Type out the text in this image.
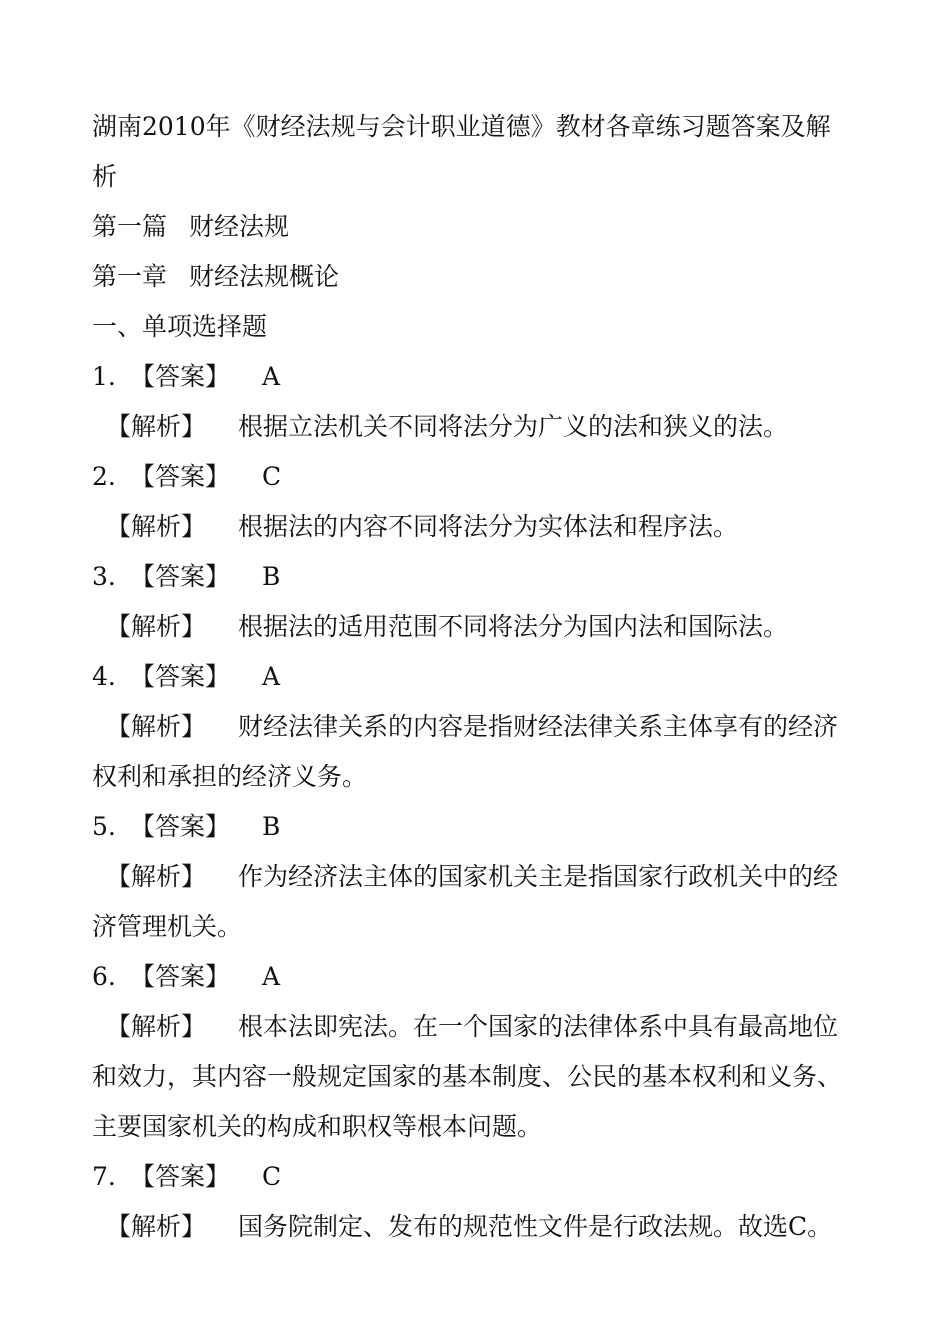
湖南2010年《财经法规与会计职业道德》教材各章练习题答案及解

析

第一篇 财经法规

第一章 财经法规概论

一、单项选择题

1. 【答案】 A

【解析】 根据立法机关不同将法分为广义的法和狭义的法。

2. 【答案】 C

【解析】 根据法的内容不同将法分为实体法和程序法。

3. 【答案】 B

【解析】 根据法的适用范围不同将法分为国内法和国际法。

4. 【答案】 A

【解析】 财经法律关系的内容是指财经法律关系主体享有的经济

权利和承担的经济义务。

5. 【答案】 B

【解析】 作为经济法主体的国家机关主是指国家行政机关中的经

济管理机关。

6. 【答案】 A

【解析】 根本法即宪法。在一个国家的法律体系中具有最高地位

和效力，其内容一般规定国家的基本制度、公民的基本权利和义务、

主要国家机关的构成和职权等根本问题。

7. 【答案】 C

【解析】 国务院制定、发布的规范性文件是行政法规。故选C。
